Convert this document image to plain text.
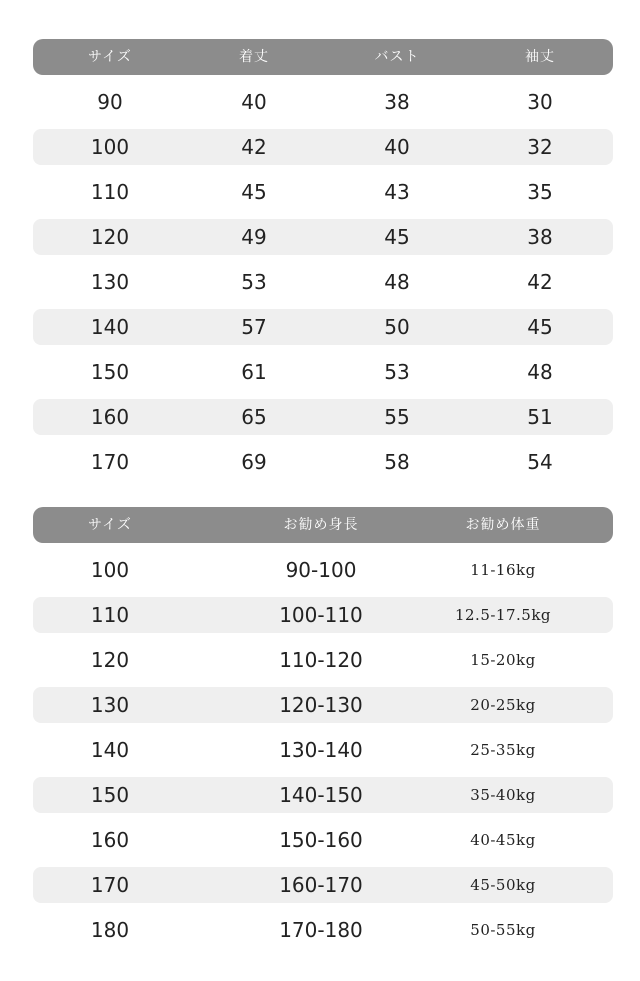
サイズ	着丈	バスト	袖丈
90	40	38	30
100	42	40	32
110	45	43	35
120	49	45	38
130	53	48	42
140	57	50	45
150	61	53	48
160	65	55	51
170	69	58	54
サイズ	お勧め身長	お勧め体重
100	90-100	11-16kg
110	100-110	12.5-17.5kg
120	110-120	15-20kg
130	120-130	20-25kg
140	130-140	25-35kg
150	140-150	35-40kg
160	150-160	40-45kg
170	160-170	45-50kg
180	170-180	50-55kg
